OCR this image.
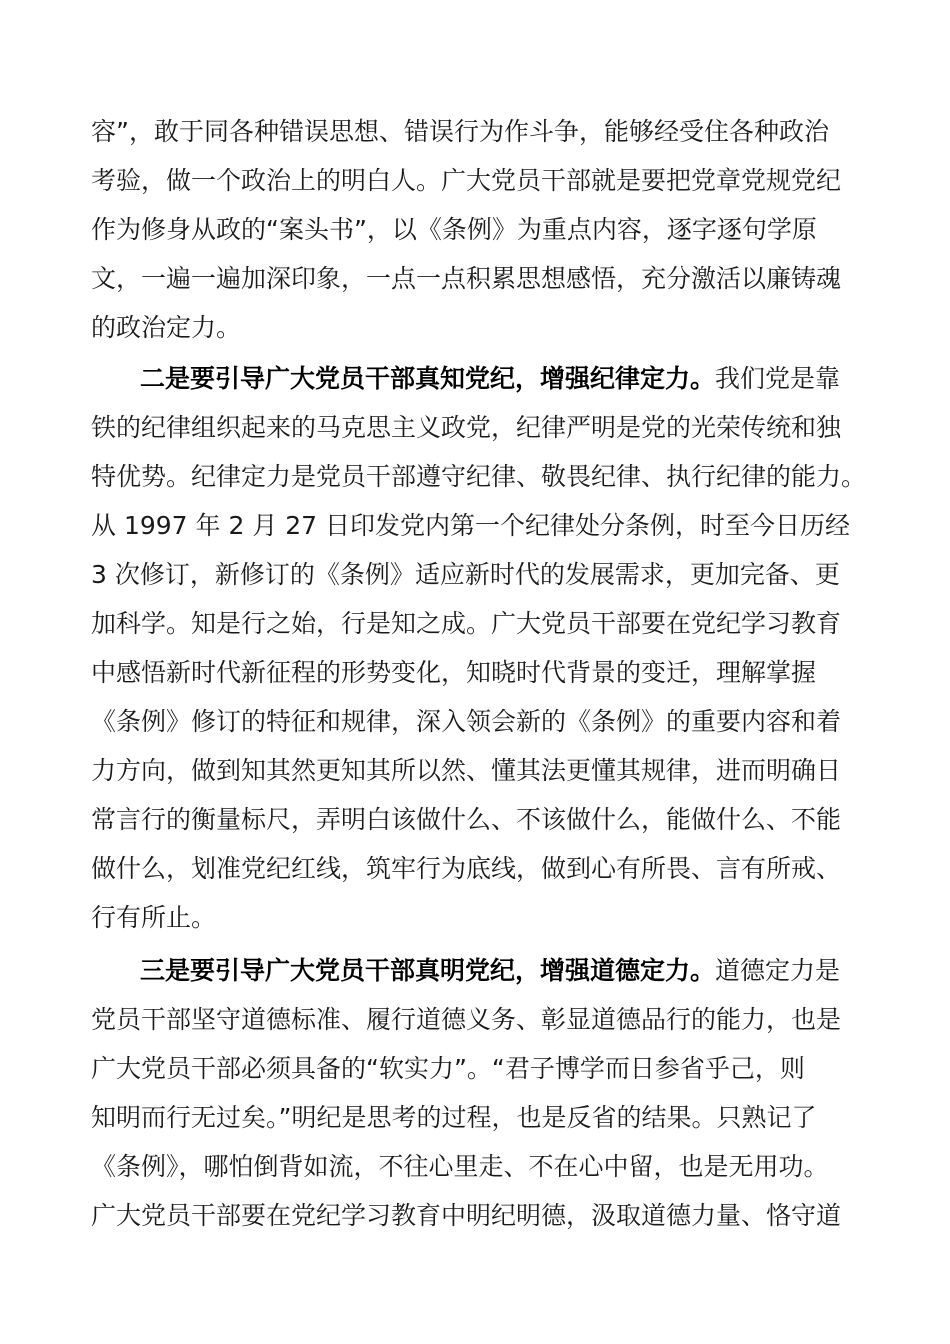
容”，敢于同各种错误思想、错误行为作斗争，能够经受住各种政治
考验，做一个政治上的明白人。广大党员干部就是要把党章党规党纪
作为修身从政的“案头书”，以《条例》为重点内容，逐字逐句学原
文，一遍一遍加深印象，一点一点积累思想感悟，充分激活以廉铸魂
的政治定力。
二是要引导广大党员干部真知党纪，增强纪律定力。我们党是靠
铁的纪律组织起来的马克思主义政党，纪律严明是党的光荣传统和独
特优势。纪律定力是党员干部遵守纪律、敬畏纪律、执行纪律的能力。
从 1997 年 2 月 27 日印发党内第一个纪律处分条例，时至今日历经
3 次修订，新修订的《条例》适应新时代的发展需求，更加完备、更
加科学。知是行之始，行是知之成。广大党员干部要在党纪学习教育
中感悟新时代新征程的形势变化，知晓时代背景的变迁，理解掌握
《条例》修订的特征和规律，深入领会新的《条例》的重要内容和着
力方向，做到知其然更知其所以然、懂其法更懂其规律，进而明确日
常言行的衡量标尺，弄明白该做什么、不该做什么，能做什么、不能
做什么，划准党纪红线，筑牢行为底线，做到心有所畏、言有所戒、
行有所止。
三是要引导广大党员干部真明党纪，增强道德定力。道德定力是
党员干部坚守道德标准、履行道德义务、彰显道德品行的能力，也是
广大党员干部必须具备的“软实力”。“君子博学而日参省乎己，则
知明而行无过矣。”明纪是思考的过程，也是反省的结果。只熟记了
《条例》，哪怕倒背如流，不往心里走、不在心中留，也是无用功。
广大党员干部要在党纪学习教育中明纪明德，汲取道德力量、恪守道
